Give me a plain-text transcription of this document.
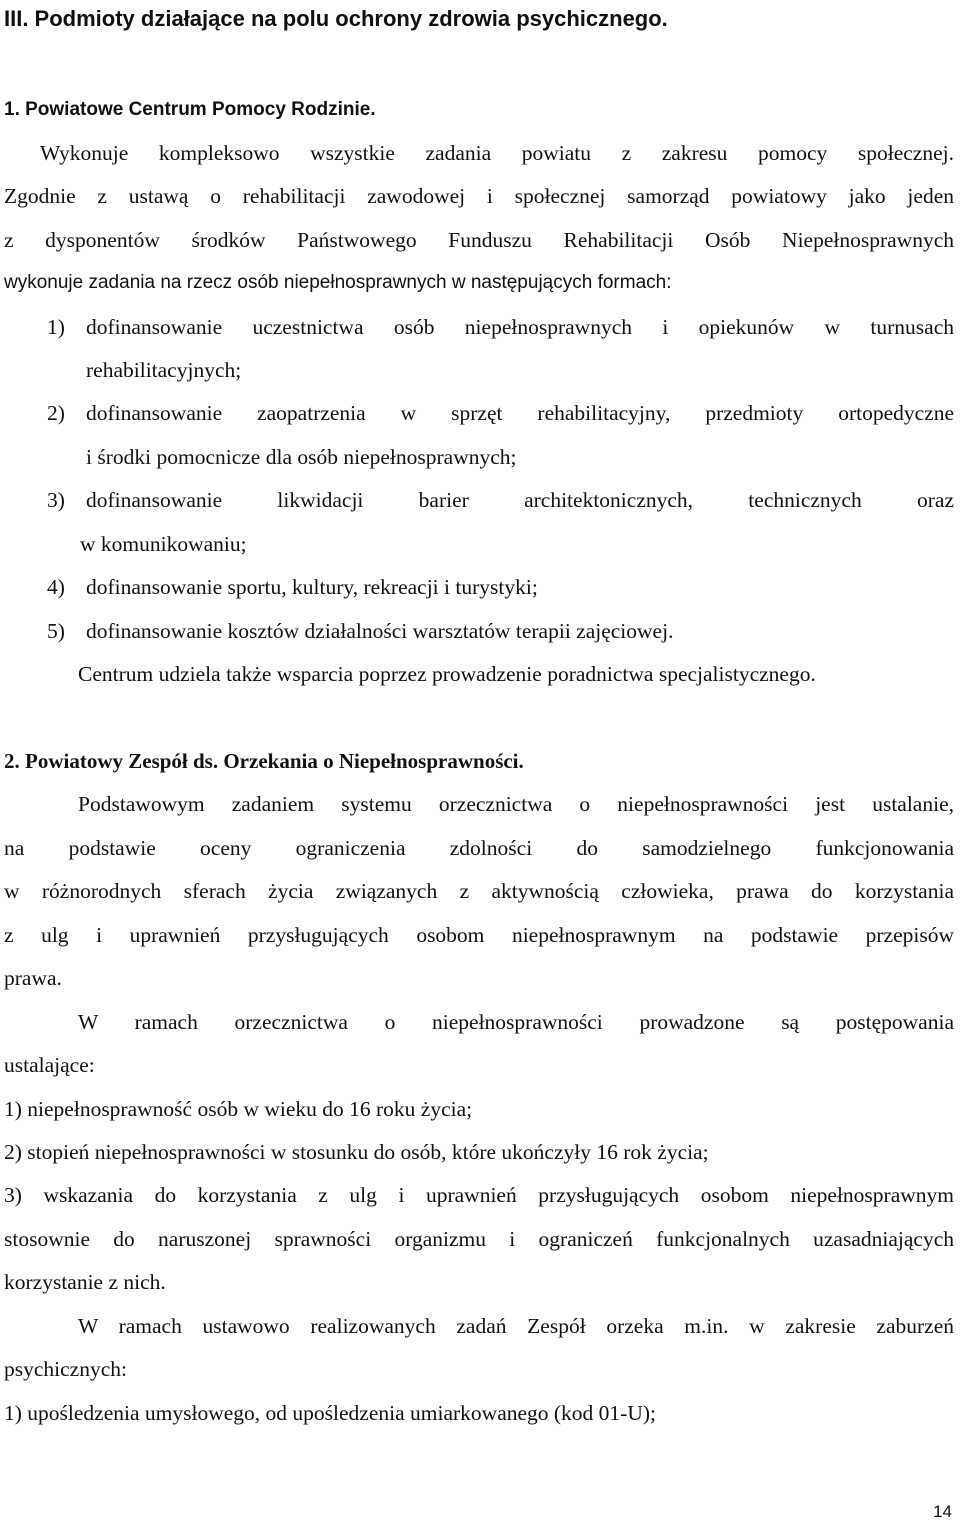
III. Podmioty działające na polu ochrony zdrowia psychicznego.
1. Powiatowe Centrum Pomocy Rodzinie.
Wykonuje kompleksowo wszystkie zadania powiatu z zakresu pomocy społecznej.
Zgodnie z ustawą o rehabilitacji zawodowej i społecznej samorząd powiatowy jako jeden
z dysponentów środków Państwowego Funduszu Rehabilitacji Osób Niepełnosprawnych
wykonuje zadania na rzecz osób niepełnosprawnych w następujących formach:
1) dofinansowanie uczestnictwa osób niepełnosprawnych i opiekunów w turnusach
rehabilitacyjnych;
2) dofinansowanie zaopatrzenia w sprzęt rehabilitacyjny, przedmioty ortopedyczne
i środki pomocnicze dla osób niepełnosprawnych;
3) dofinansowanie likwidacji barier architektonicznych, technicznych oraz
w komunikowaniu;
4) dofinansowanie sportu, kultury, rekreacji i turystyki;
5) dofinansowanie kosztów działalności warsztatów terapii zajęciowej.
Centrum udziela także wsparcia poprzez prowadzenie poradnictwa specjalistycznego.
2. Powiatowy Zespół ds. Orzekania o Niepełnosprawności.
Podstawowym zadaniem systemu orzecznictwa o niepełnosprawności jest ustalanie,
na podstawie oceny ograniczenia zdolności do samodzielnego funkcjonowania
w różnorodnych sferach życia związanych z aktywnością człowieka, prawa do korzystania
z ulg i uprawnień przysługujących osobom niepełnosprawnym na podstawie przepisów
prawa.
W ramach orzecznictwa o niepełnosprawności prowadzone są postępowania
ustalające:
1) niepełnosprawność osób w wieku do 16 roku życia;
2) stopień niepełnosprawności w stosunku do osób, które ukończyły 16 rok życia;
3) wskazania do korzystania z ulg i uprawnień przysługujących osobom niepełnosprawnym
stosownie do naruszonej sprawności organizmu i ograniczeń funkcjonalnych uzasadniających
korzystanie z nich.
W ramach ustawowo realizowanych zadań Zespół orzeka m.in. w zakresie zaburzeń
psychicznych:
1) upośledzenia umysłowego, od upośledzenia umiarkowanego (kod 01-U);
14
